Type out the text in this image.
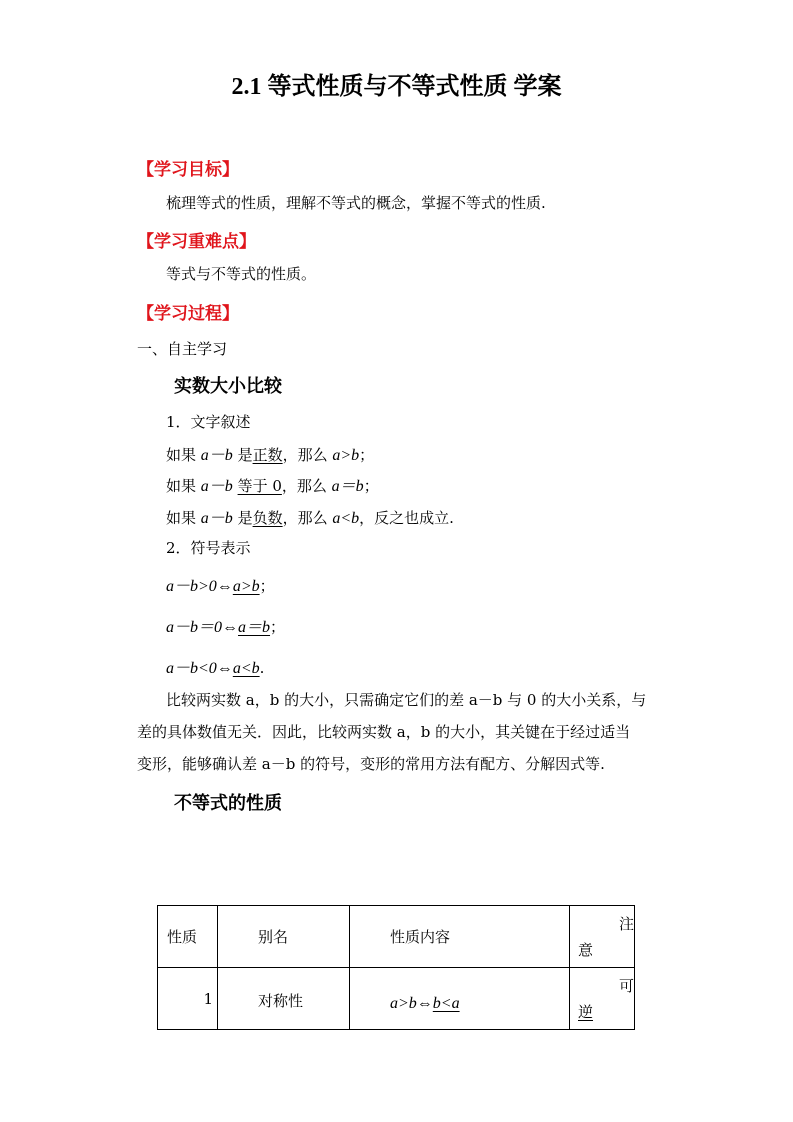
2.1 等式性质与不等式性质 学案
【学习目标】
梳理等式的性质，理解不等式的概念，掌握不等式的性质.
【学习重难点】
等式与不等式的性质。
【学习过程】
一、自主学习
实数大小比较
1．文字叙述
如果 a－b 是正数，那么 a>b；
如果 a－b 等于 0，那么 a＝b；
如果 a－b 是负数，那么 a<b，反之也成立.
2．符号表示
a－b>0⇔a>b；
a－b＝0⇔a＝b；
a－b<0⇔a<b.
比较两实数 a，b 的大小，只需确定它们的差 a－b 与 0 的大小关系，与
差的具体数值无关．因此，比较两实数 a，b 的大小，其关键在于经过适当
变形，能够确认差 a－b 的符号，变形的常用方法有配方、分解因式等.
不等式的性质
性质	别名	性质内容	注
意

1	对称性	a>b⇔b<a	可
逆
